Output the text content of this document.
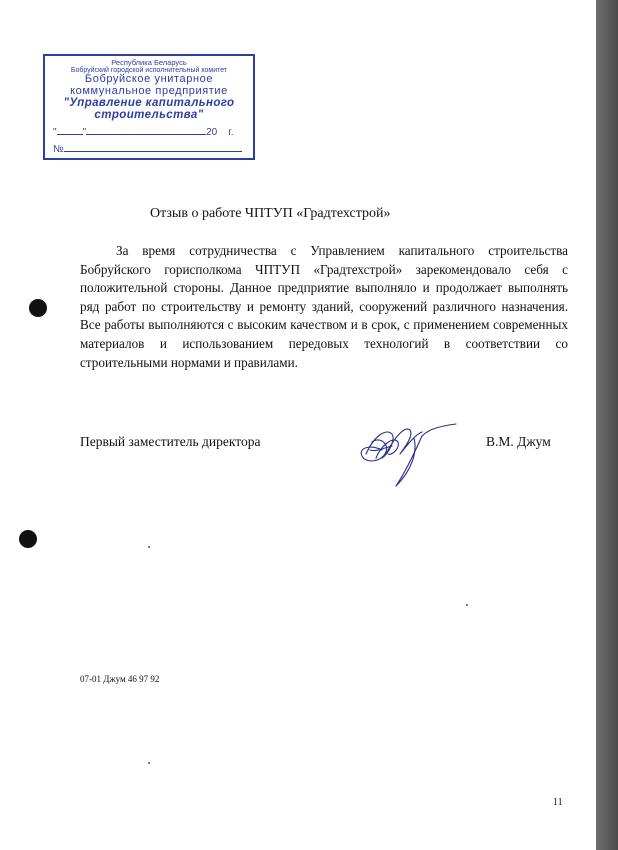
Республика Беларусь
Бобруйский городской исполнительный комитет
Бобруйское унитарное
коммунальное предприятие
"Управление капитального
строительства"
"	"	20 г.
№
Отзыв о работе ЧПТУП «Градтехстрой»

За время сотрудничества с Управлением капитального строительства Бобруйского горисполкома ЧПТУП «Градтехстрой» зарекомендовало себя с положительной стороны. Данное предприятие выполняло и продолжает выполнять ряд работ по строительству и ремонту зданий, сооружений различного назначения. Все работы выполняются с высоким качеством и в срок, с применением современных материалов и использованием передовых технологий в соответствии со строительными нормами и правилами.

Первый заместитель директора	В.М. Джум
07-01 Джум 46 97 92
11
